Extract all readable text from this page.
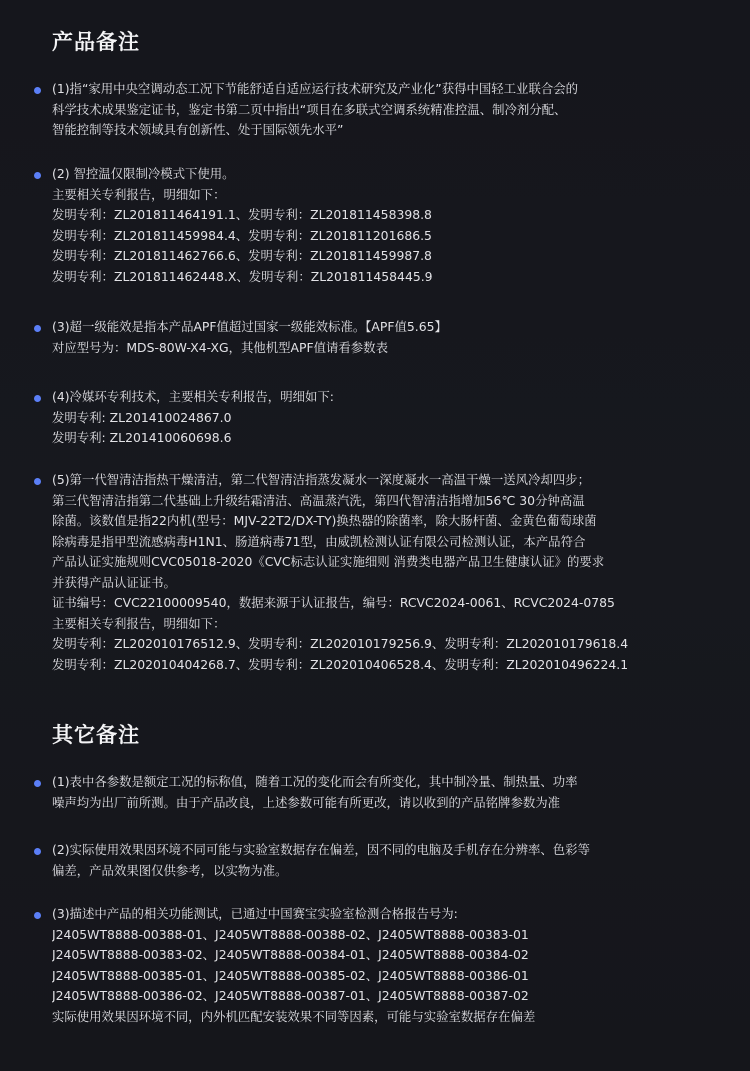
产品备注
(1)指“家用中央空调动态工况下节能舒适自适应运行技术研究及产业化”获得中国轻工业联合会的
科学技术成果鉴定证书，鉴定书第二页中指出“项目在多联式空调系统精准控温、制冷剂分配、
智能控制等技术领域具有创新性、处于国际领先水平”
(2) 智控温仅限制冷模式下使用。
主要相关专利报告，明细如下：
发明专利：ZL201811464191.1、发明专利：ZL201811458398.8
发明专利：ZL201811459984.4、发明专利：ZL201811201686.5
发明专利：ZL201811462766.6、发明专利：ZL201811459987.8
发明专利：ZL201811462448.X、发明专利：ZL201811458445.9
(3)超一级能效是指本产品APF值超过国家一级能效标准。【APF值5.65】
对应型号为：MDS-80W-X4-XG，其他机型APF值请看参数表
(4)冷媒环专利技术，主要相关专利报告，明细如下:
发明专利: ZL201410024867.0
发明专利: ZL201410060698.6
(5)第一代智清洁指热干燥清洁，第二代智清洁指蒸发凝水一深度凝水一高温干燥一送风冷却四步；
第三代智清洁指第二代基础上升级结霜清洁、高温蒸汽洗，第四代智清洁指增加56℃ 30分钟高温
除菌。该数值是指22内机(型号：MJV-22T2/DX-TY)换热器的除菌率，除大肠杆菌、金黄色葡萄球菌
除病毒是指甲型流感病毒H1N1、肠道病毒71型，由威凯检测认证有限公司检测认证，本产品符合
产品认证实施规则CVC05018-2020《CVC标志认证实施细则 消费类电器产品卫生健康认证》的要求
并获得产品认证证书。
证书编号：CVC22100009540，数据来源于认证报告，编号：RCVC2024-0061、RCVC2024-0785
主要相关专利报告，明细如下：
发明专利：ZL202010176512.9、发明专利：ZL202010179256.9、发明专利：ZL202010179618.4
发明专利：ZL202010404268.7、发明专利：ZL202010406528.4、发明专利：ZL202010496224.1
其它备注
(1)表中各参数是额定工况的标称值，随着工况的变化而会有所变化，其中制冷量、制热量、功率
噪声均为出厂前所测。由于产品改良，上述参数可能有所更改，请以收到的产品铭牌参数为准
(2)实际使用效果因环境不同可能与实验室数据存在偏差，因不同的电脑及手机存在分辨率、色彩等
偏差，产品效果图仅供参考，以实物为准。
(3)描述中产品的相关功能测试，已通过中国赛宝实验室检测合格报告号为:
J2405WT8888-00388-01、J2405WT8888-00388-02、J2405WT8888-00383-01
J2405WT8888-00383-02、J2405WT8888-00384-01、J2405WT8888-00384-02
J2405WT8888-00385-01、J2405WT8888-00385-02、J2405WT8888-00386-01
J2405WT8888-00386-02、J2405WT8888-00387-01、J2405WT8888-00387-02
实际使用效果因环境不同，内外机匹配安装效果不同等因素，可能与实验室数据存在偏差
